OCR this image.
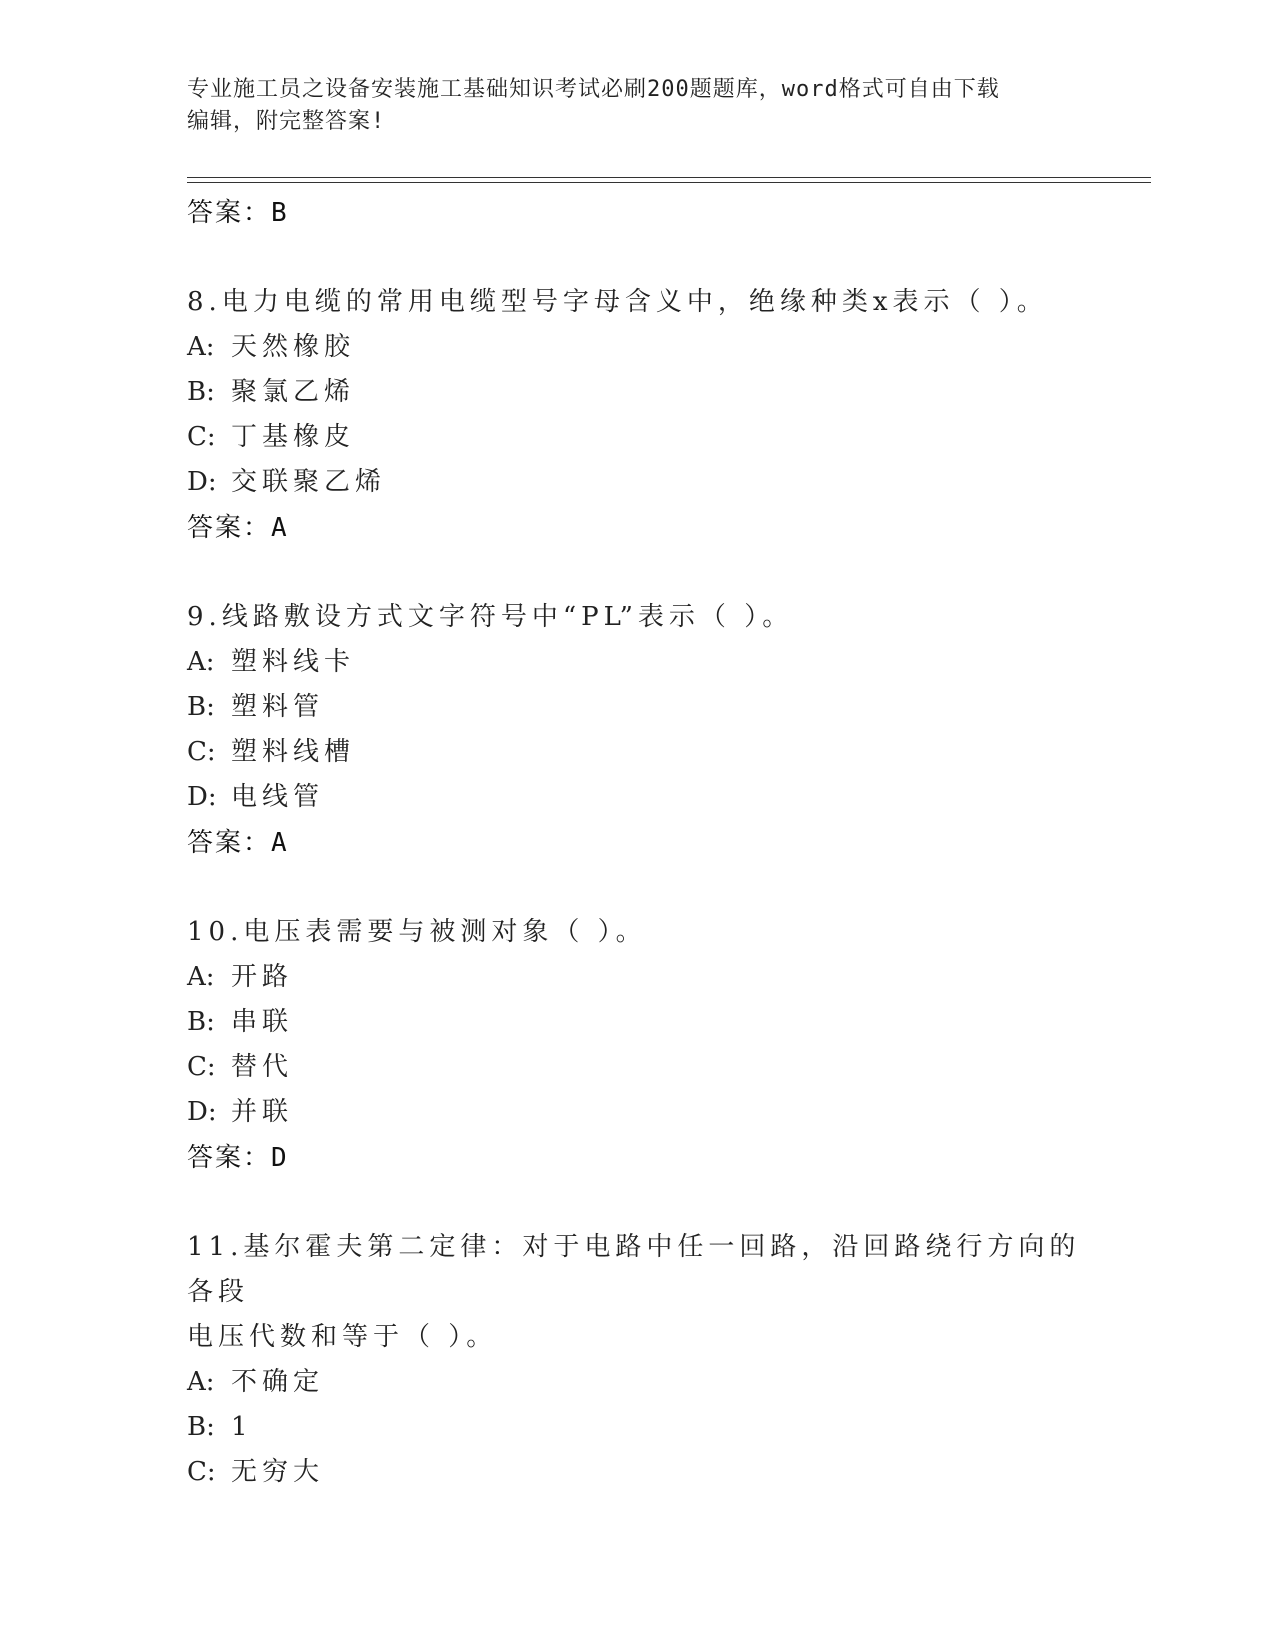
专业施工员之设备安装施工基础知识考试必刷200题题库，word格式可自由下载
编辑，附完整答案!
答案：B
8.电力电缆的常用电缆型号字母含义中，绝缘种类x表示（ ）。
A: 天然橡胶
B: 聚氯乙烯
C: 丁基橡皮
D: 交联聚乙烯
答案：A
9.线路敷设方式文字符号中“PL”表示（ ）。
A: 塑料线卡
B: 塑料管
C: 塑料线槽
D: 电线管
答案：A
10.电压表需要与被测对象（ ）。
A: 开路
B: 串联
C: 替代
D: 并联
答案：D
11.基尔霍夫第二定律：对于电路中任一回路，沿回路绕行方向的各段
电压代数和等于（ ）。
A: 不确定
B: 1
C: 无穷大
